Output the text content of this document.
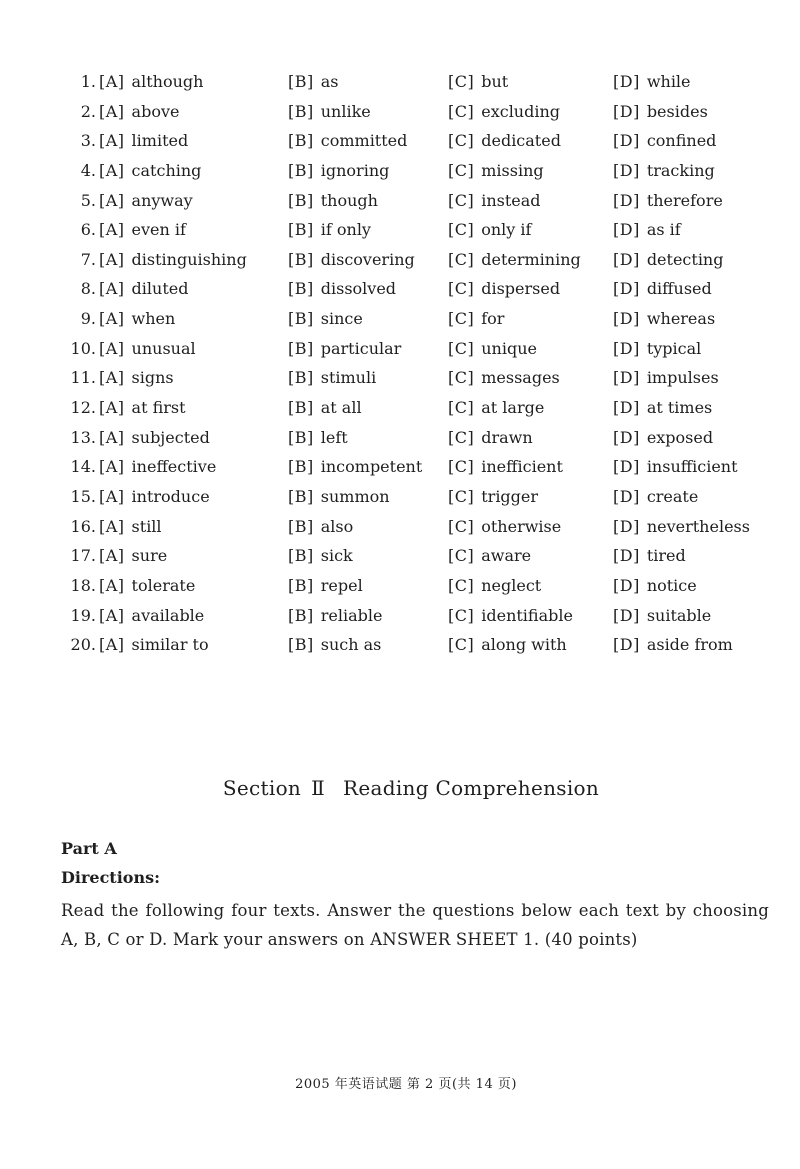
1. [A] although	[B] as	[C] but	[D] while
2. [A] above	[B] unlike	[C] excluding	[D] besides
3. [A] limited	[B] committed	[C] dedicated	[D] confined
4. [A] catching	[B] ignoring	[C] missing	[D] tracking
5. [A] anyway	[B] though	[C] instead	[D] therefore
6. [A] even if	[B] if only	[C] only if	[D] as if
7. [A] distinguishing	[B] discovering	[C] determining	[D] detecting
8. [A] diluted	[B] dissolved	[C] dispersed	[D] diffused
9. [A] when	[B] since	[C] for	[D] whereas
10. [A] unusual	[B] particular	[C] unique	[D] typical
11. [A] signs	[B] stimuli	[C] messages	[D] impulses
12. [A] at first	[B] at all	[C] at large	[D] at times
13. [A] subjected	[B] left	[C] drawn	[D] exposed
14. [A] ineffective	[B] incompetent	[C] inefficient	[D] insufficient
15. [A] introduce	[B] summon	[C] trigger	[D] create
16. [A] still	[B] also	[C] otherwise	[D] nevertheless
17. [A] sure	[B] sick	[C] aware	[D] tired
18. [A] tolerate	[B] repel	[C] neglect	[D] notice
19. [A] available	[B] reliable	[C] identifiable	[D] suitable
20. [A] similar to	[B] such as	[C] along with	[D] aside from
Section Ⅱ Reading Comprehension
Part A
Directions:
Read the following four texts. Answer the questions below each text by choosing A, B, C or D. Mark your answers on ANSWER SHEET 1. (40 points)
2005 年英语试题 第 2 页(共 14 页)
